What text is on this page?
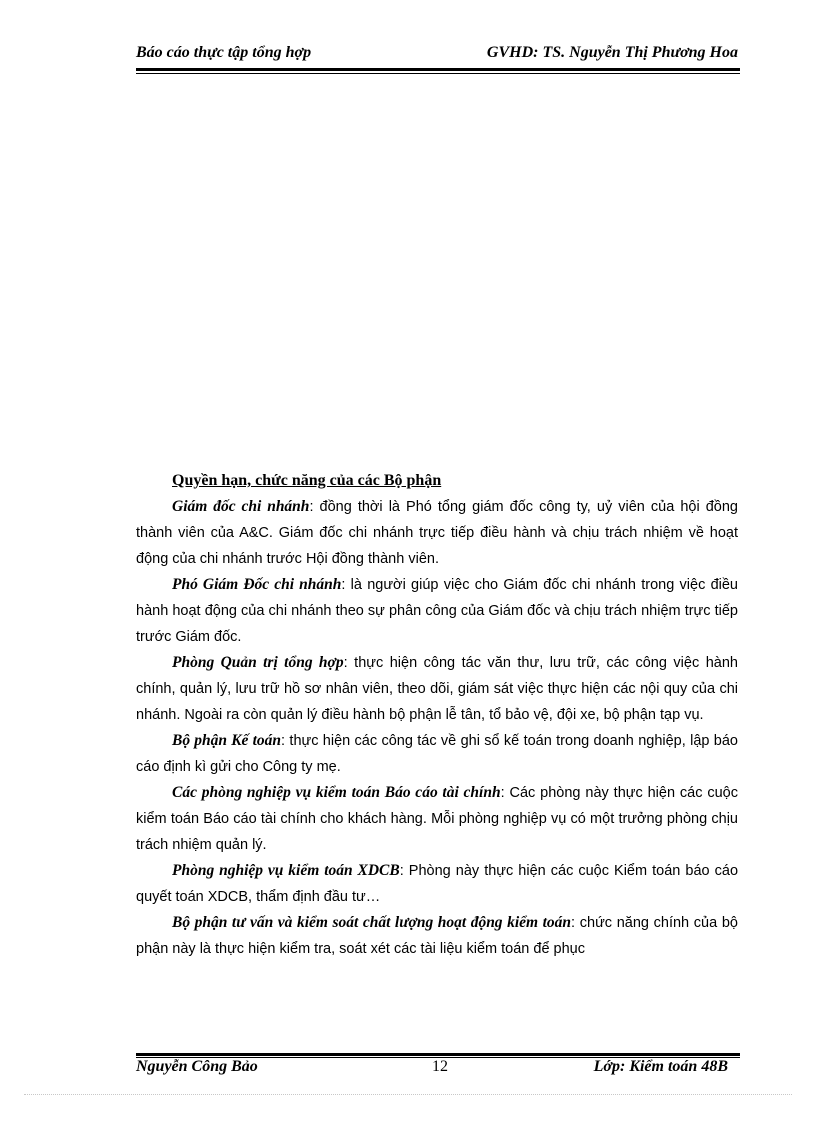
Báo cáo thực tập tổng hợp	GVHD: TS. Nguyễn Thị Phương Hoa
Quyền hạn, chức năng của các Bộ phận

Giám đốc chi nhánh: đồng thời là Phó tổng giám đốc công ty, uỷ viên của hội đồng thành viên của A&C. Giám đốc chi nhánh trực tiếp điều hành và chịu trách nhiệm về hoạt động của chi nhánh trước Hội đồng thành viên.

Phó Giám Đốc chi nhánh: là người giúp việc cho Giám đốc chi nhánh trong việc điều hành hoạt động của chi nhánh theo sự phân công của Giám đốc và chịu trách nhiệm trực tiếp trước Giám đốc.

Phòng Quản trị tổng hợp: thực hiện công tác văn thư, lưu trữ, các công việc hành chính, quản lý, lưu trữ hồ sơ nhân viên, theo dõi, giám sát việc thực hiện các nội quy của chi nhánh. Ngoài ra còn quản lý điều hành bộ phận lễ tân, tổ bảo vệ, đội xe, bộ phận tạp vụ.

Bộ phận Kế toán: thực hiện các công tác về ghi sổ kế toán trong doanh nghiệp, lập báo cáo định kì gửi cho Công ty mẹ.

Các phòng nghiệp vụ kiểm toán Báo cáo tài chính: Các phòng này thực hiện các cuộc kiểm toán Báo cáo tài chính cho khách hàng. Mỗi phòng nghiệp vụ có một trưởng phòng chịu trách nhiệm quản lý.

Phòng nghiệp vụ kiểm toán XDCB: Phòng này thực hiện các cuộc Kiểm toán báo cáo quyết toán XDCB, thẩm định đầu tư…

Bộ phận tư vấn và kiểm soát chất lượng hoạt động kiểm toán: chức năng chính của bộ phận này là thực hiện kiểm tra, soát xét các tài liệu kiểm toán để phục

Nguyễn Công Bảo	12	Lớp: Kiểm toán 48B
